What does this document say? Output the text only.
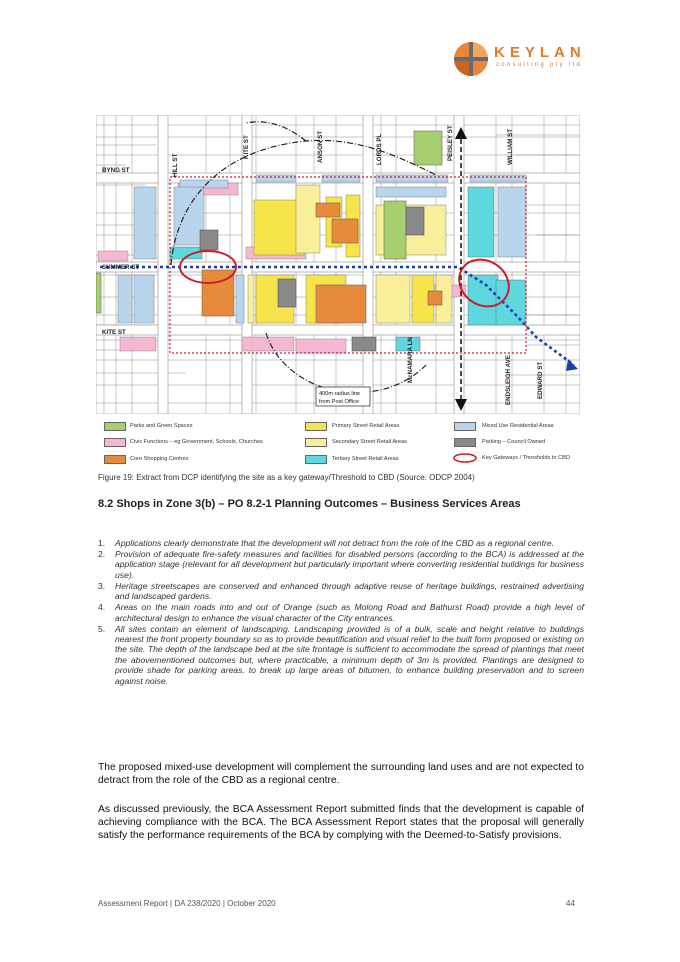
KEYLAN
consulting pty ltd
400m radius line
from Post Office
BYNG ST
SUMMER ST
KITE ST
HILL ST
KITE ST	ANSON ST	LORDS PL	PEISLEY ST	WILLIAM ST
McNAMARA LN	ENDSLEIGH AVE	EDWARD ST
Parks and Green Spaces
Civic Functions – eg Government, Schools, Churches
Core Shopping Centres
Primary Street Retail Areas
Secondary Street Retail Areas
Tertiary Street Retail Areas
Mixed Use Residential Areas
Parking – Council Owned
Key Gateways / Thresholds to CBD
Figure 19: Extract from DCP identifying the site as a key gateway/Threshold to CBD (Source: ODCP 2004)
8.2 Shops in Zone 3(b) – PO 8.2-1 Planning Outcomes – Business Services Areas
1. Applications clearly demonstrate that the development will not detract from the role of the CBD as a regional centre.
2. Provision of adequate fire-safety measures and facilities for disabled persons (according to the BCA) is addressed at the application stage (relevant for all development but particularly important where converting residential buildings for business use).
3. Heritage streetscapes are conserved and enhanced through adaptive reuse of heritage buildings, restrained advertising and landscaped gardens.
4. Areas on the main roads into and out of Orange (such as Molong Road and Bathurst Road) provide a high level of architectural design to enhance the visual character of the City entrances.
5. All sites contain an element of landscaping. Landscaping provided is of a bulk, scale and height relative to buildings nearest the front property boundary so as to provide beautification and visual relief to the built form proposed or existing on the site. The depth of the landscape bed at the site frontage is sufficient to accommodate the spread of plantings that meet the abovementioned outcomes but, where practicable, a minimum depth of 3m is provided. Plantings are designed to provide shade for parking areas, to break up large areas of bitumen, to enhance building preservation and to screen against noise.
The proposed mixed-use development will complement the surrounding land uses and are not expected to detract from the role of the CBD as a regional centre.
As discussed previously, the BCA Assessment Report submitted finds that the development is capable of achieving compliance with the BCA. The BCA Assessment Report states that the proposal will generally satisfy the performance requirements of the BCA by complying with the Deemed-to-Satisfy provisions.
Assessment Report | DA 238/2020 | October 2020	44
